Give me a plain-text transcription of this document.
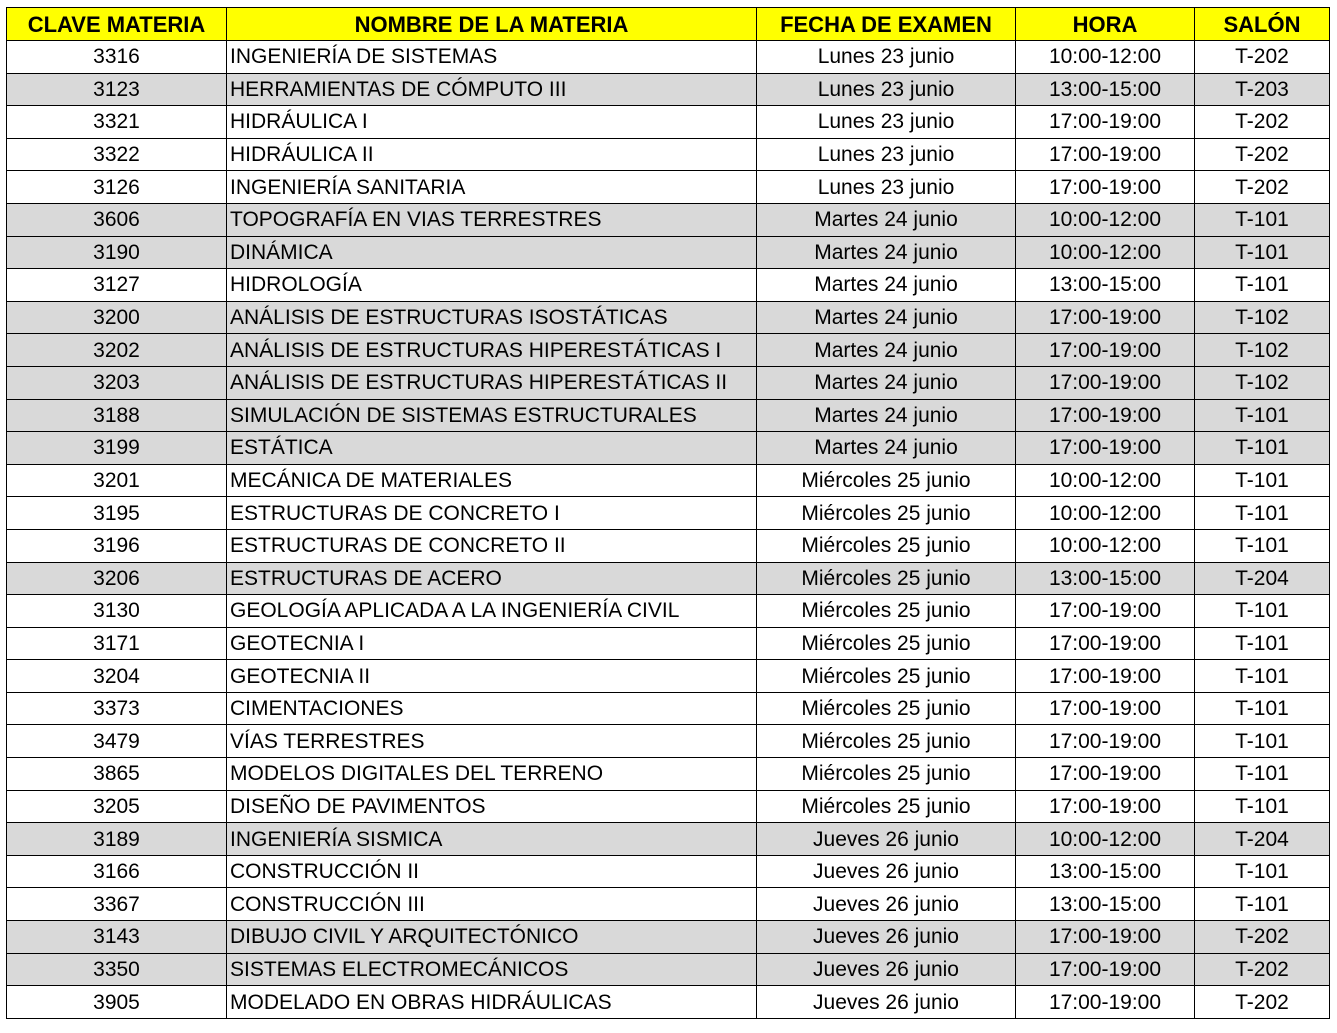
CLAVE MATERIA	NOMBRE DE LA MATERIA	FECHA DE EXAMEN	HORA	SALÓN
3316	INGENIERÍA DE SISTEMAS	Lunes 23 junio	10:00-12:00	T-202
3123	HERRAMIENTAS DE CÓMPUTO III	Lunes 23 junio	13:00-15:00	T-203
3321	HIDRÁULICA I	Lunes 23 junio	17:00-19:00	T-202
3322	HIDRÁULICA II	Lunes 23 junio	17:00-19:00	T-202
3126	INGENIERÍA SANITARIA	Lunes 23 junio	17:00-19:00	T-202
3606	TOPOGRAFÍA EN VIAS TERRESTRES	Martes 24 junio	10:00-12:00	T-101
3190	DINÁMICA	Martes 24 junio	10:00-12:00	T-101
3127	HIDROLOGÍA	Martes 24 junio	13:00-15:00	T-101
3200	ANÁLISIS DE ESTRUCTURAS ISOSTÁTICAS	Martes 24 junio	17:00-19:00	T-102
3202	ANÁLISIS DE ESTRUCTURAS HIPERESTÁTICAS I	Martes 24 junio	17:00-19:00	T-102
3203	ANÁLISIS DE ESTRUCTURAS HIPERESTÁTICAS II	Martes 24 junio	17:00-19:00	T-102
3188	SIMULACIÓN DE SISTEMAS ESTRUCTURALES	Martes 24 junio	17:00-19:00	T-101
3199	ESTÁTICA	Martes 24 junio	17:00-19:00	T-101
3201	MECÁNICA DE MATERIALES	Miércoles 25 junio	10:00-12:00	T-101
3195	ESTRUCTURAS DE CONCRETO I	Miércoles 25 junio	10:00-12:00	T-101
3196	ESTRUCTURAS DE CONCRETO II	Miércoles 25 junio	10:00-12:00	T-101
3206	ESTRUCTURAS DE ACERO	Miércoles 25 junio	13:00-15:00	T-204
3130	GEOLOGÍA APLICADA A LA INGENIERÍA CIVIL	Miércoles 25 junio	17:00-19:00	T-101
3171	GEOTECNIA I	Miércoles 25 junio	17:00-19:00	T-101
3204	GEOTECNIA II	Miércoles 25 junio	17:00-19:00	T-101
3373	CIMENTACIONES	Miércoles 25 junio	17:00-19:00	T-101
3479	VÍAS TERRESTRES	Miércoles 25 junio	17:00-19:00	T-101
3865	MODELOS DIGITALES DEL TERRENO	Miércoles 25 junio	17:00-19:00	T-101
3205	DISEÑO DE PAVIMENTOS	Miércoles 25 junio	17:00-19:00	T-101
3189	INGENIERÍA SISMICA	Jueves 26 junio	10:00-12:00	T-204
3166	CONSTRUCCIÓN II	Jueves 26 junio	13:00-15:00	T-101
3367	CONSTRUCCIÓN III	Jueves 26 junio	13:00-15:00	T-101
3143	DIBUJO CIVIL Y ARQUITECTÓNICO	Jueves 26 junio	17:00-19:00	T-202
3350	SISTEMAS ELECTROMECÁNICOS	Jueves 26 junio	17:00-19:00	T-202
3905	MODELADO EN OBRAS HIDRÁULICAS	Jueves 26 junio	17:00-19:00	T-202
